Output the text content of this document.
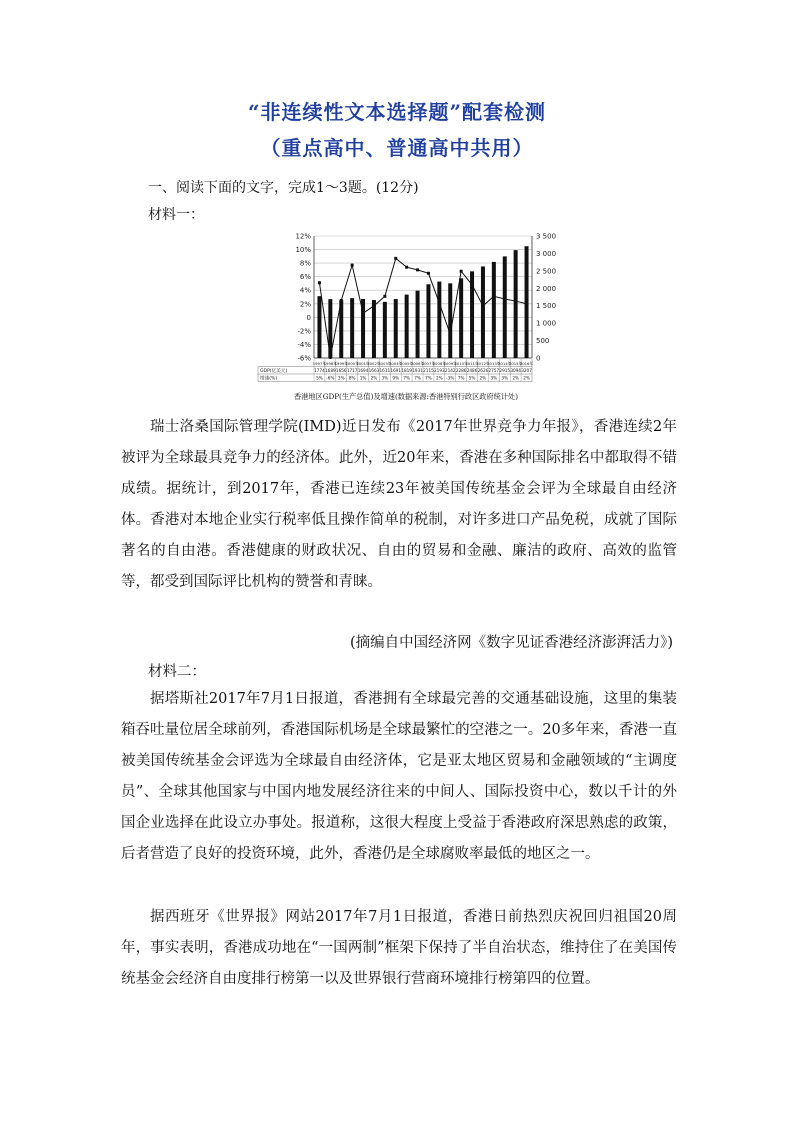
“非连续性文本选择题”配套检测
（重点高中、普通高中共用）
一、阅读下面的文字，完成1～3题。(12分)
材料一：
12%
10%
8%
6%
4%
2%
0
-2%
-4%
-6%
3 500
3 000
2 500
2 000
1 500
1 000
500
0
1997年
1998年
1999年
2000年
2001年
2002年
2003年
2004年
2005年
2006年
2007年
2008年
2009年
2010年
2011年
2012年
2013年
2014年
2015年
2016年
GDP(亿美元)	1774 1689 1656 1717 1694 1663 1611 1691 1819 1931 2115 2193 2142 2286 2486 2626 2757 2915 3094 3207
增速(%)	5% -6% 3% 8% 1% 2% 3% 9% 7% 7% 7% 2% -3% 7% 5% 2% 3% 3% 2% 2%
香港地区GDP(生产总值)及增速(数据来源:香港特别行政区政府统计处)

瑞士洛桑国际管理学院(IMD)近日发布《2017年世界竞争力年报》，香港连续2年被评为全球最具竞争力的经济体。此外，近20年来，香港在多种国际排名中都取得不错成绩。据统计，到2017年，香港已连续23年被美国传统基金会评为全球最自由经济体。香港对本地企业实行税率低且操作简单的税制，对许多进口产品免税，成就了国际著名的自由港。香港健康的财政状况、自由的贸易和金融、廉洁的政府、高效的监管等，都受到国际评比机构的赞誉和青睐。

(摘编自中国经济网《数字见证香港经济澎湃活力》)
材料二：

据塔斯社2017年7月1日报道，香港拥有全球最完善的交通基础设施，这里的集装箱吞吐量位居全球前列，香港国际机场是全球最繁忙的空港之一。20多年来，香港一直被美国传统基金会评选为全球最自由经济体，它是亚太地区贸易和金融领域的“主调度员”、全球其他国家与中国内地发展经济往来的中间人、国际投资中心，数以千计的外国企业选择在此设立办事处。报道称，这很大程度上受益于香港政府深思熟虑的政策，后者营造了良好的投资环境，此外，香港仍是全球腐败率最低的地区之一。

据西班牙《世界报》网站2017年7月1日报道，香港日前热烈庆祝回归祖国20周年，事实表明，香港成功地在“一国两制”框架下保持了半自治状态，维持住了在美国传统基金会经济自由度排行榜第一以及世界银行营商环境排行榜第四的位置。
